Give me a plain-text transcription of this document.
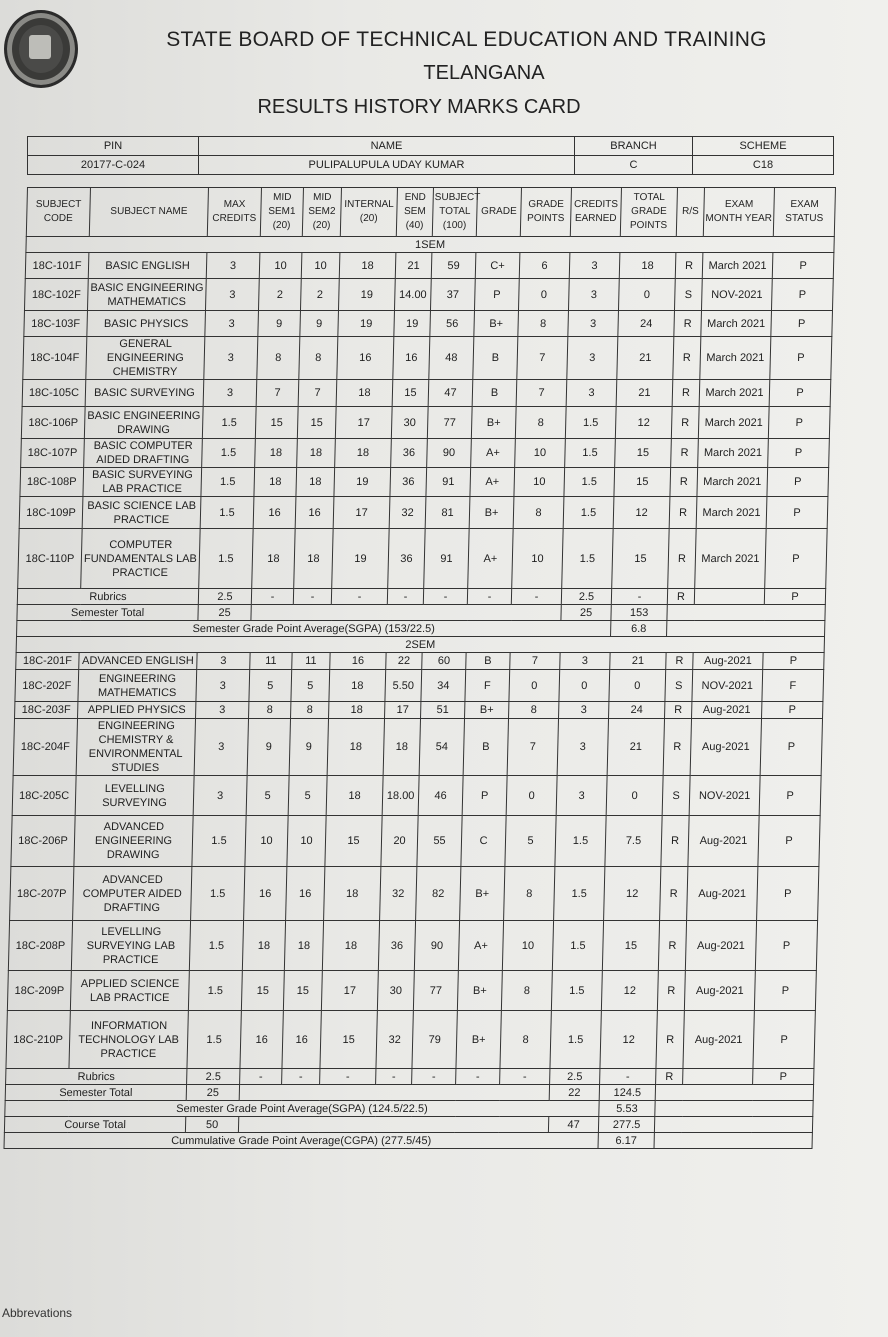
STATE BOARD OF TECHNICAL EDUCATION AND TRAINING
TELANGANA
RESULTS HISTORY MARKS CARD
PIN	NAME	BRANCH	SCHEME
20177-C-024	PULIPALUPULA UDAY KUMAR	C	C18
SUBJECT CODE	SUBJECT NAME	MAX CREDITS	MID SEM1 (20)	MID SEM2 (20)	INTERNAL (20)	END SEM (40)	SUBJECT TOTAL (100)	GRADE	GRADE POINTS	CREDITS EARNED	TOTAL GRADE POINTS	R/S	EXAM MONTH YEAR	EXAM STATUS
1SEM														
18C-101F	BASIC ENGLISH	3	10	10	18	21	59	C+	6	3	18	R	March 2021	P
18C-102F	BASIC ENGINEERING MATHEMATICS	3	2	2	19	14.00	37	P	0	3	0	S	NOV-2021	P
18C-103F	BASIC PHYSICS	3	9	9	19	19	56	B+	8	3	24	R	March 2021	P
18C-104F	GENERAL ENGINEERING CHEMISTRY	3	8	8	16	16	48	B	7	3	21	R	March 2021	P
18C-105C	BASIC SURVEYING	3	7	7	18	15	47	B	7	3	21	R	March 2021	P
18C-106P	BASIC ENGINEERING DRAWING	1.5	15	15	17	30	77	B+	8	1.5	12	R	March 2021	P
18C-107P	BASIC COMPUTER AIDED DRAFTING	1.5	18	18	18	36	90	A+	10	1.5	15	R	March 2021	P
18C-108P	BASIC SURVEYING LAB PRACTICE	1.5	18	18	19	36	91	A+	10	1.5	15	R	March 2021	P
18C-109P	BASIC SCIENCE LAB PRACTICE	1.5	16	16	17	32	81	B+	8	1.5	12	R	March 2021	P
18C-110P	COMPUTER FUNDAMENTALS LAB PRACTICE	1.5	18	18	19	36	91	A+	10	1.5	15	R	March 2021	P
Rubrics		2.5	-	-	-	-	-	-	-	2.5	-	R		P
Semester Total		25								25	153			
Semester Grade Point Average(SGPA) (153/22.5)											6.8			
2SEM														
18C-201F	ADVANCED ENGLISH	3	11	11	16	22	60	B	7	3	21	R	Aug-2021	P
18C-202F	ENGINEERING MATHEMATICS	3	5	5	18	5.50	34	F	0	0	0	S	NOV-2021	F
18C-203F	APPLIED PHYSICS	3	8	8	18	17	51	B+	8	3	24	R	Aug-2021	P
18C-204F	ENGINEERING CHEMISTRY & ENVIRONMENTAL STUDIES	3	9	9	18	18	54	B	7	3	21	R	Aug-2021	P
18C-205C	LEVELLING SURVEYING	3	5	5	18	18.00	46	P	0	3	0	S	NOV-2021	P
18C-206P	ADVANCED ENGINEERING DRAWING	1.5	10	10	15	20	55	C	5	1.5	7.5	R	Aug-2021	P
18C-207P	ADVANCED COMPUTER AIDED DRAFTING	1.5	16	16	18	32	82	B+	8	1.5	12	R	Aug-2021	P
18C-208P	LEVELLING SURVEYING LAB PRACTICE	1.5	18	18	18	36	90	A+	10	1.5	15	R	Aug-2021	P
18C-209P	APPLIED SCIENCE LAB PRACTICE	1.5	15	15	17	30	77	B+	8	1.5	12	R	Aug-2021	P
18C-210P	INFORMATION TECHNOLOGY LAB PRACTICE	1.5	16	16	15	32	79	B+	8	1.5	12	R	Aug-2021	P
Rubrics		2.5	-	-	-	-	-	-	-	2.5	-	R		P
Semester Total		25								22	124.5			
Semester Grade Point Average(SGPA) (124.5/22.5)											5.53			
Course Total		50								47	277.5			
Cummulative Grade Point Average(CGPA) (277.5/45)											6.17			
Abbrevations
